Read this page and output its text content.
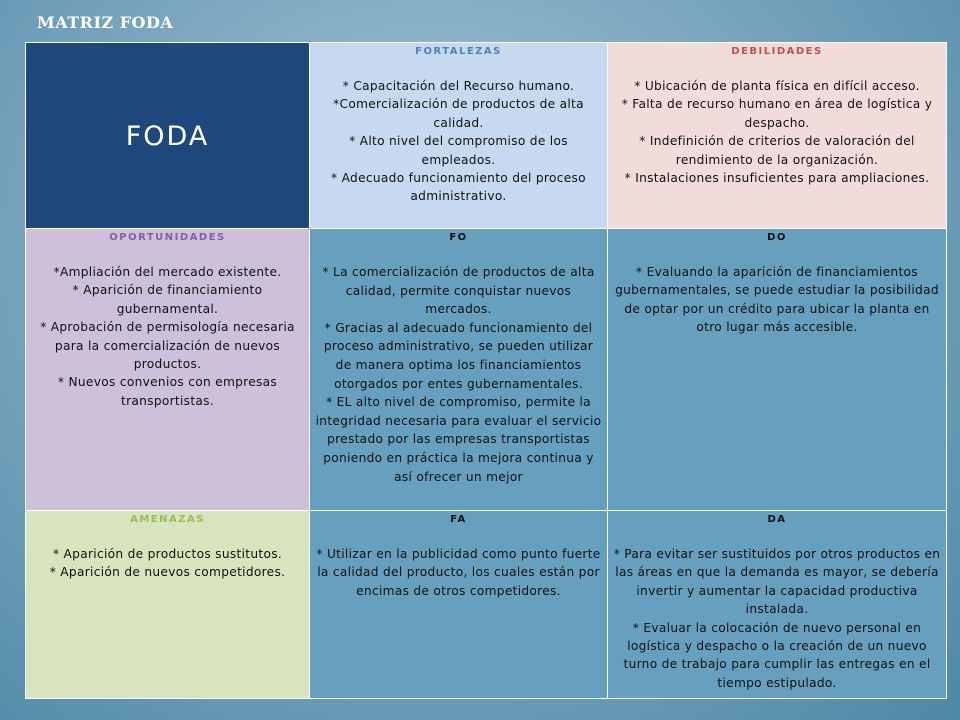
MATRIZ FODA
FODA
FORTALEZAS
* Capacitación del Recurso humano.
*Comercialización de productos de alta calidad.
* Alto nivel del compromiso de los empleados.
* Adecuado funcionamiento del proceso administrativo.
DEBILIDADES
* Ubicación de planta física en difícil acceso.
* Falta de recurso humano en área de logística y despacho.
* Indefinición de criterios de valoración del rendimiento de la organización.
* Instalaciones insuficientes para ampliaciones.
OPORTUNIDADES
*Ampliación del mercado existente.
* Aparición de financiamiento gubernamental.
* Aprobación de permisología necesaria para la comercialización de nuevos productos.
* Nuevos convenios con empresas transportistas.
FO
* La comercialización de productos de alta calidad, permite conquistar nuevos mercados.
* Gracias al adecuado funcionamiento del proceso administrativo, se pueden utilizar de manera optima los financiamientos otorgados por entes gubernamentales.
* EL alto nivel de compromiso, permite la integridad necesaria para evaluar el servicio prestado por las empresas transportistas poniendo en práctica la mejora continua y así ofrecer un mejor
DO
* Evaluando la aparición de financiamientos gubernamentales, se puede estudiar la posibilidad de optar por un crédito para ubicar la planta en otro lugar más accesible.
AMENAZAS
* Aparición de productos sustitutos.
* Aparición de nuevos competidores.
FA
* Utilizar en la publicidad como punto fuerte la calidad del producto, los cuales están por encimas de otros competidores.
DA
* Para evitar ser sustituidos por otros productos en las áreas en que la demanda es mayor, se debería invertir y aumentar la capacidad productiva instalada.
* Evaluar la colocación de nuevo personal en logística y despacho o la creación de un nuevo turno de trabajo para cumplir las entregas en el tiempo estipulado.
